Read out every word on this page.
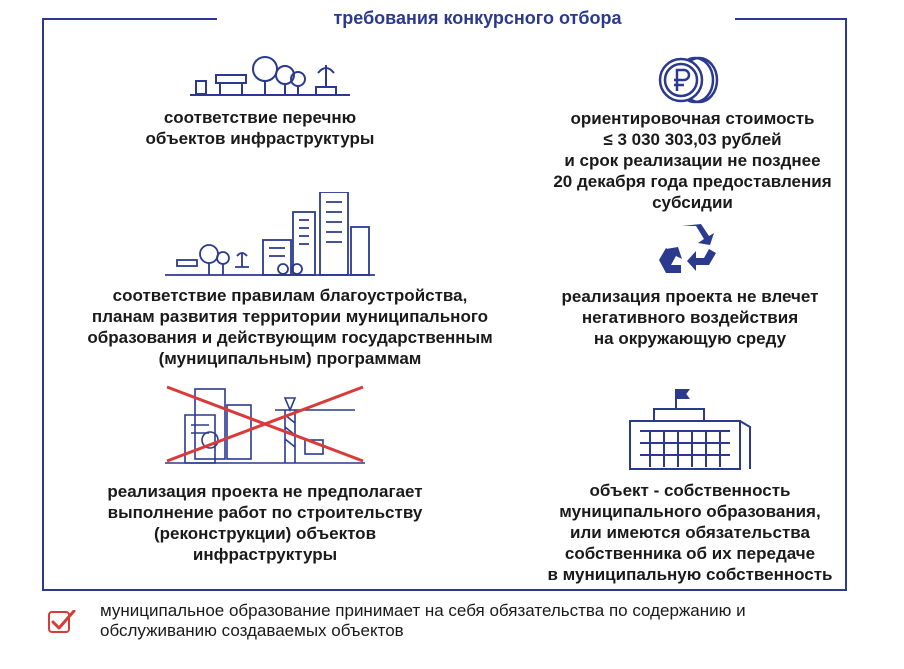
требования конкурсного отбора
соответствие перечню
объектов инфраструктуры
ориентировочная стоимость
≤ 3 030 303,03 рублей
и срок реализации не позднее
20 декабря года предоставления
субсидии
соответствие правилам благоустройства,
планам развития территории муниципального
образования и действующим государственным
(муниципальным) программам
реализация проекта не влечет
негативного воздействия
на окружающую среду
реализация проекта не предполагает
выполнение работ по строительству
(реконструкции) объектов
инфраструктуры
объект - собственность
муниципального образования,
или имеются обязательства
собственника об их передаче
в муниципальную собственность
муниципальное образование принимает на себя обязательства по содержанию и
обслуживанию создаваемых объектов
